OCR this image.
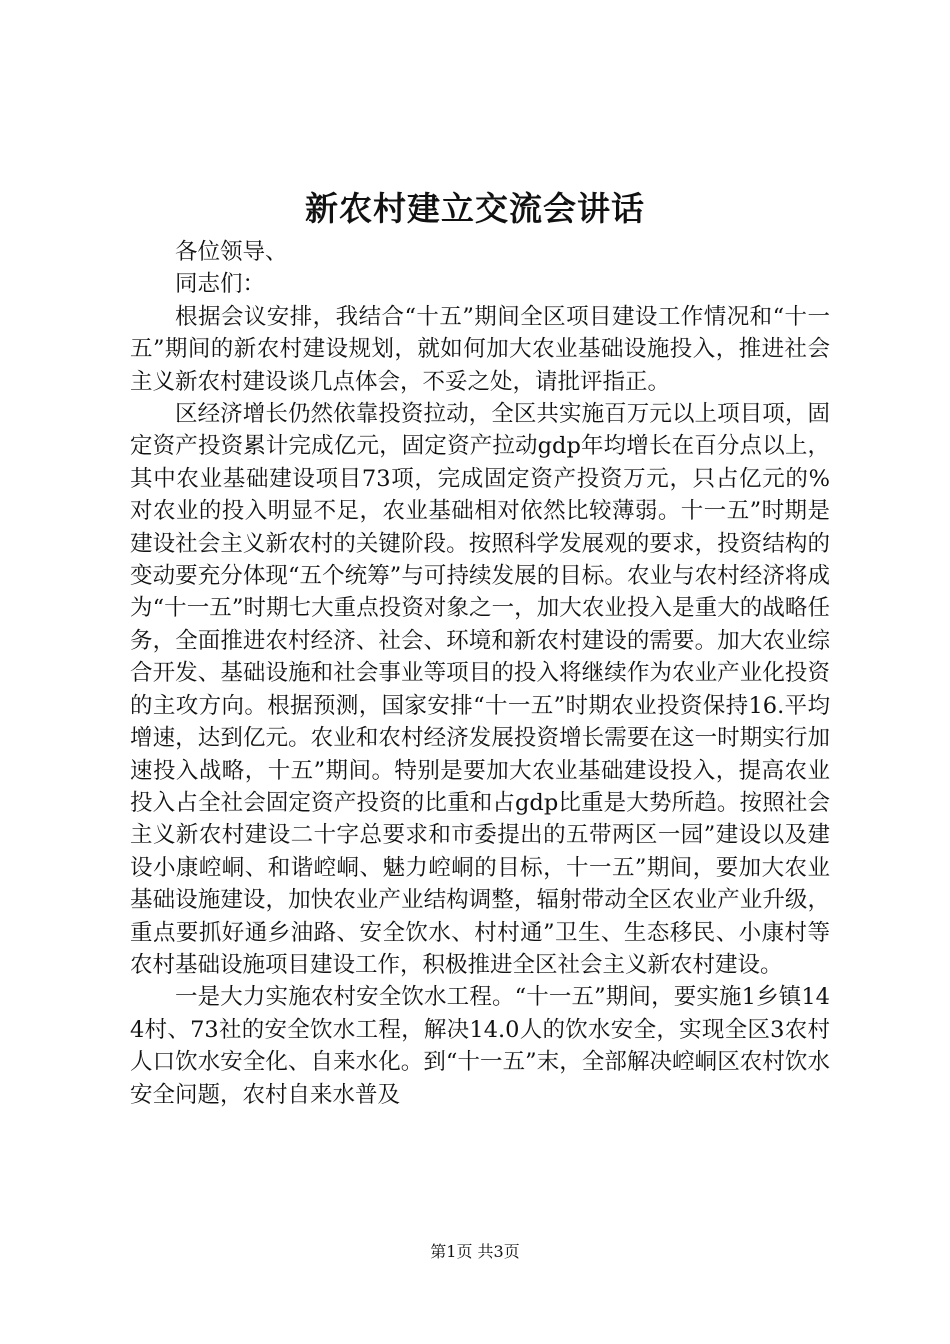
新农村建立交流会讲话

各位领导、

同志们：

根据会议安排，我结合“十五”期间全区项目建设工作情况和“十一五”期间的新农村建设规划，就如何加大农业基础设施投入，推进社会主义新农村建设谈几点体会，不妥之处，请批评指正。

区经济增长仍然依靠投资拉动，全区共实施百万元以上项目项，固定资产投资累计完成亿元，固定资产拉动gdp年均增长在百分点以上，其中农业基础建设项目73项，完成固定资产投资万元，只占亿元的%对农业的投入明显不足，农业基础相对依然比较薄弱。十一五”时期是建设社会主义新农村的关键阶段。按照科学发展观的要求，投资结构的变动要充分体现“五个统筹”与可持续发展的目标。农业与农村经济将成为“十一五”时期七大重点投资对象之一，加大农业投入是重大的战略任务，全面推进农村经济、社会、环境和新农村建设的需要。加大农业综合开发、基础设施和社会事业等项目的投入将继续作为农业产业化投资的主攻方向。根据预测，国家安排“十一五”时期农业投资保持16.平均增速，达到亿元。农业和农村经济发展投资增长需要在这一时期实行加速投入战略，十五”期间。特别是要加大农业基础建设投入，提高农业投入占全社会固定资产投资的比重和占gdp比重是大势所趋。按照社会主义新农村建设二十字总要求和市委提出的五带两区一园”建设以及建设小康崆峒、和谐崆峒、魅力崆峒的目标，十一五”期间，要加大农业基础设施建设，加快农业产业结构调整，辐射带动全区农业产业升级，重点要抓好通乡油路、安全饮水、村村通”卫生、生态移民、小康村等农村基础设施项目建设工作，积极推进全区社会主义新农村建设。

一是大力实施农村安全饮水工程。“十一五”期间，要实施1乡镇144村、73社的安全饮水工程，解决14.0人的饮水安全，实现全区3农村人口饮水安全化、自来水化。到“十一五”末，全部解决崆峒区农村饮水安全问题，农村自来水普及

第1页 共3页
